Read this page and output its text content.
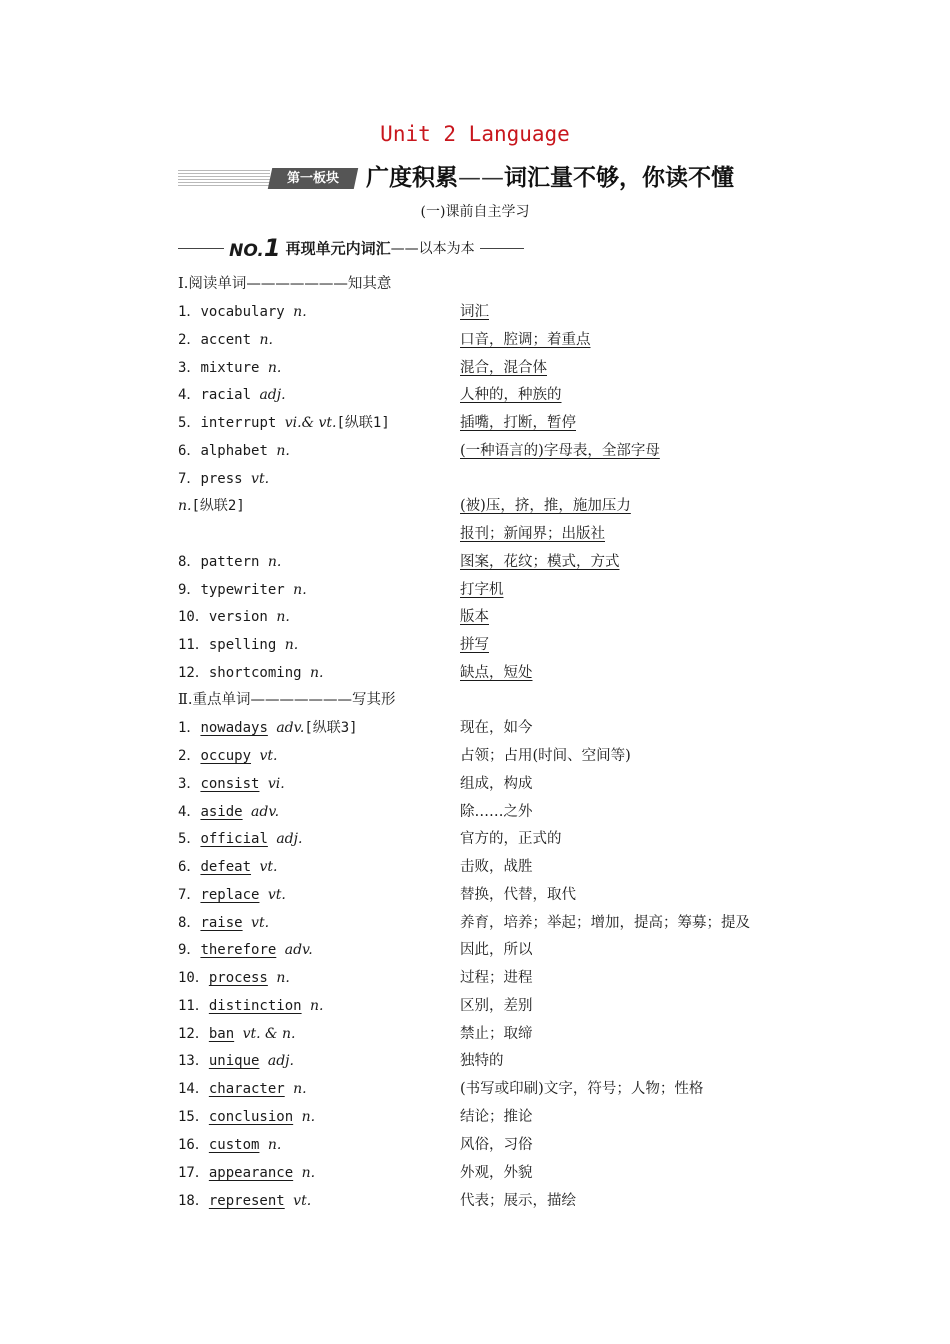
Unit 2 Language
第一板块	广度积累——词汇量不够，你读不懂
(一)课前自主学习
NO.1 再现单元内词汇——以本为本
Ⅰ.阅读单词———————知其意
1．vocabulary n.	词汇
2．accent n.	口音，腔调；着重点
3．mixture n.	混合，混合体
4．racial adj.	人种的，种族的
5．interrupt vi.& vt.[纵联1]	插嘴，打断，暂停
6．alphabet n.	(一种语言的)字母表，全部字母
7．press vt.
n.[纵联2]	(被)压，挤，推，施加压力
报刊；新闻界；出版社
8．pattern n.	图案，花纹；模式，方式
9．typewriter n.	打字机
10．version n.	版本
11．spelling n.	拼写
12．shortcoming n.	缺点，短处
Ⅱ.重点单词———————写其形
1．nowadays adv.[纵联3]	现在，如今
2．occupy vt.	占领；占用(时间、空间等)
3．consist vi.	组成，构成
4．aside adv.	除……之外
5．official adj.	官方的，正式的
6．defeat vt.	击败，战胜
7．replace vt.	替换，代替，取代
8．raise vt.	养育，培养；举起；增加，提高；筹募；提及
9．therefore adv.	因此，所以
10．process n.	过程；进程
11．distinction n.	区别，差别
12．ban vt. & n.	禁止；取缔
13．unique adj.	独特的
14．character n.	(书写或印刷)文字，符号；人物；性格
15．conclusion n.	结论；推论
16．custom n.	风俗，习俗
17．appearance n.	外观，外貌
18．represent vt.	代表；展示，描绘
